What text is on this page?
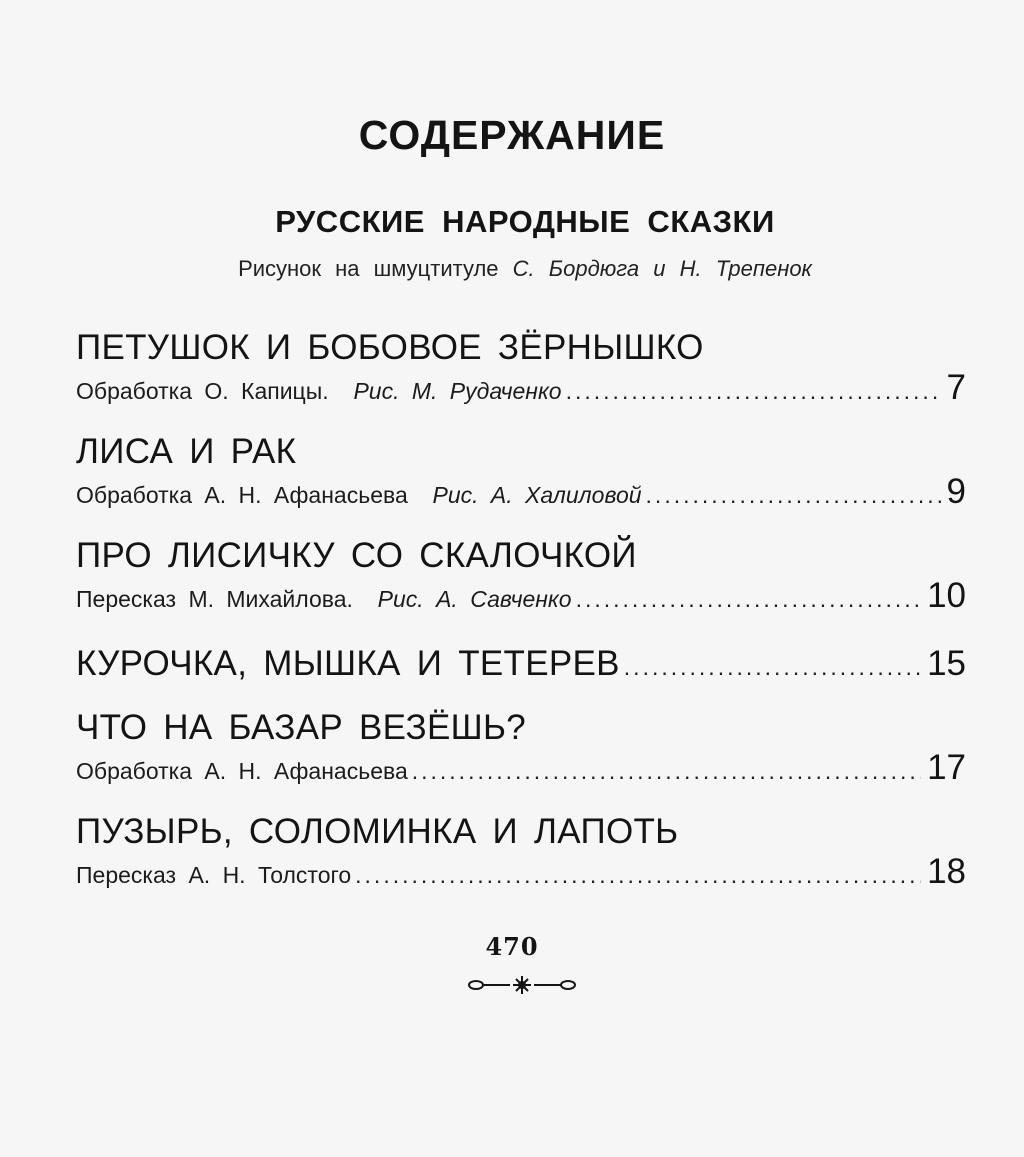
СОДЕРЖАНИЕ
РУССКИЕ НАРОДНЫЕ СКАЗКИ
Рисунок на шмуцтитуле С. Бордюга и Н. Трепенок
ПЕТУШОК И БОБОВОЕ ЗЁРНЫШКО
Обработка О. Капицы. Рис. М. Рудаченко .....	7
ЛИСА И РАК
Обработка А. Н. Афанасьева Рис. А. Халиловой .....	9
ПРО ЛИСИЧКУ СО СКАЛОЧКОЙ
Пересказ М. Михайлова. Рис. А. Савченко .....	10
КУРОЧКА, МЫШКА И ТЕТЕРЕВ .....	15
ЧТО НА БАЗАР ВЕЗЁШЬ?
Обработка А. Н. Афанасьева .....	17
ПУЗЫРЬ, СОЛОМИНКА И ЛАПОТЬ
Пересказ А. Н. Толстого .....	18
470
